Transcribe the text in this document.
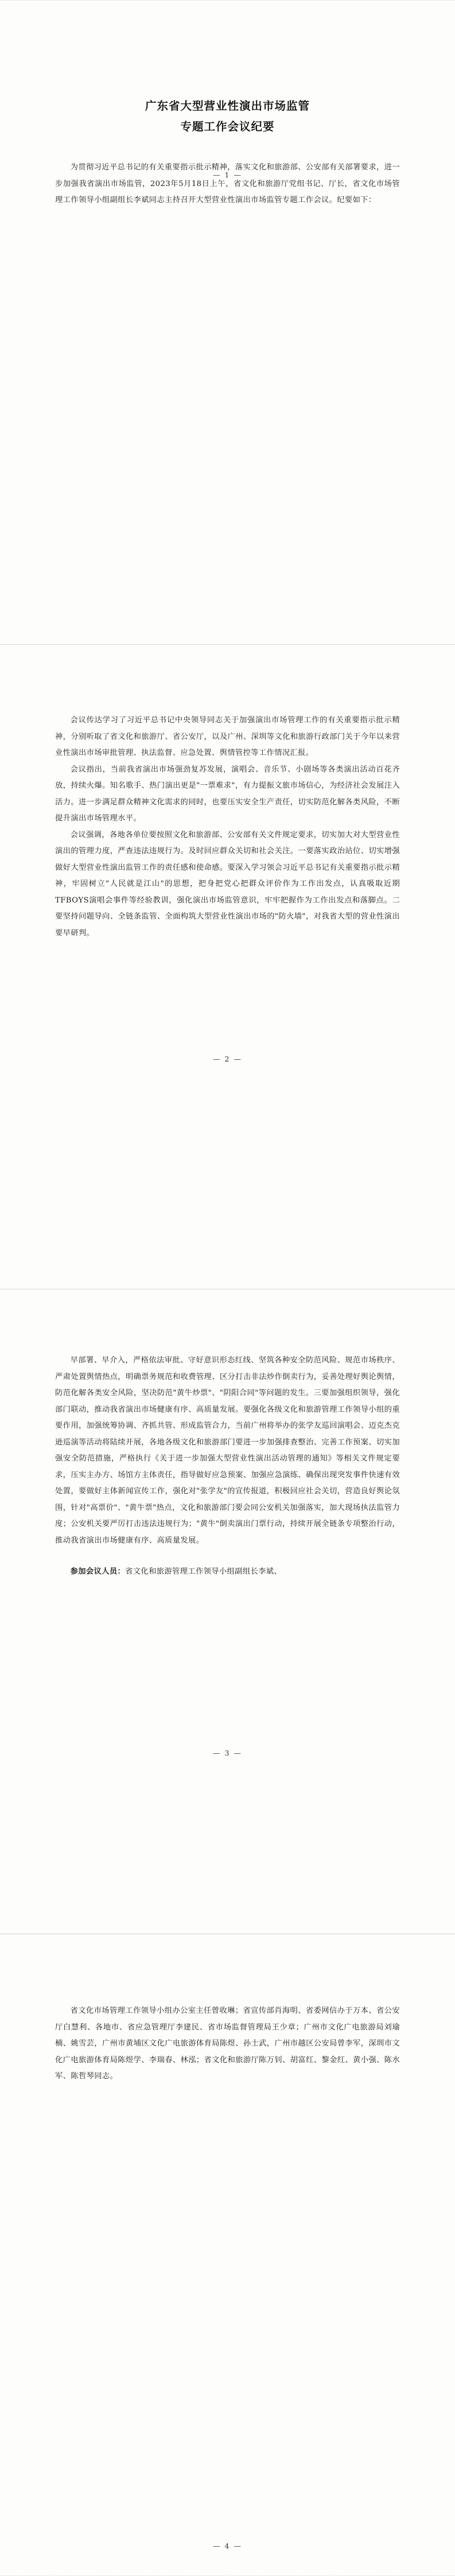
广东省大型营业性演出市场监管
专题工作会议纪要

为贯彻习近平总书记的有关重要指示批示精神，落实文化和旅游部、公安部有关部署要求，进一步加强我省演出市场监管，2023年5月18日上午，省文化和旅游厅党组书记、厅长，省文化市场管理工作领导小组副组长李斌同志主持召开大型营业性演出市场监管专题工作会议。纪要如下：

— 1 —

会议传达学习了习近平总书记中央领导同志关于加强演出市场管理工作的有关重要指示批示精神，分别听取了省文化和旅游厅、省公安厅，以及广州、深圳等文化和旅游行政部门关于今年以来营业性演出市场审批管理、执法监督、应急处置、舆情管控等工作情况汇报。

会议指出，当前我省演出市场强劲复苏发展，演唱会、音乐节、小剧场等各类演出活动百花齐放，持续火爆。知名歌手、热门演出更是"一票难求"，有力提振文旅市场信心，为经济社会发展注入活力。进一步满足群众精神文化需求的同时，也要压实安全生产责任，切实防范化解各类风险，不断提升演出市场管理水平。

会议强调，各地各单位要按照文化和旅游部、公安部有关文件规定要求，切实加大对大型营业性演出的管理力度，严查违法违规行为。及时回应群众关切和社会关注。一要落实政治站位、切实增强做好大型营业性演出监管工作的责任感和使命感。要深入学习领会习近平总书记有关重要指示批示精神，牢固树立"人民就是江山"的思想，把身把党心把群众评价作为工作出发点，认真吸取近期TFBOYS演唱会事件等经验教训，强化演出市场监管意识，牢牢把握作为工作出发点和落脚点。二要坚持问题导向、全链条监管、全面构筑大型营业性演出市场的"防火墙"，对我省大型的营业性演出要早研判。

— 2 —

早部署、早介入，严格依法审批、守好意识形态红线、坚筑各种安全防范风险、规范市场秩序、严肃处置舆情热点，明确票务规范和收费管理、区分打击非法炒作倒卖行为，妥善处理好舆论舆情，防范化解各类安全风险，坚决防范"黄牛炒票"、"阴阳合同"等问题的发生。三要加强组织领导，强化部门联动，推动我省演出市场健康有序、高质量发展。要强化各级文化和旅游管理工作领导小组的重要作用，加强统筹协调、齐抓共管、形成监管合力，当前广州将举办的张学友巡回演唱会、迈克杰克逊巡演等活动将陆续开展，各地各级文化和旅游部门要进一步加强排查整治、完善工作预案、切实加强安全防范措施，严格执行《关于进一步加强大型营业性演出活动管理的通知》等相关文件规定要求，压实主办方、场馆方主体责任，指导做好应急预案、加强应急演练、确保出现突发事件快速有效处置，要做好主体新闻宣传工作，强化对"张学友"的宣传报道，积极回应社会关切，营造良好舆论氛围，针对"高票价"、"黄牛票"热点，文化和旅游部门要会同公安机关加强落实，加大现场执法监管力度；公安机关要严厉打击违法违规行为；"黄牛"倒卖演出门票行动，持续开展全链条专项整治行动，推动我省演出市场健康有序、高质量发展。

参加会议人员：省文化和旅游管理工作领导小组副组长李斌、

— 3 —

省文化市场管理工作领导小组办公室主任曾收琳；省宣传部肖海明、省委网信办于万本、省公安厅白慧利、各地市、省应急管理厅李建民、省市场监督管理局王少章；广州市文化广电旅游局刘瑜楠、姚雪芸，广州市黄埔区文化广电旅游体育局陈煜、孙士武，广州市越区公安局曾李军，深圳市文化广电旅游体育局陈煜学、李瑞春、林泓；省文化和旅游厅陈万钊、胡富红、黎金红、黄小强、陈水军、陈哲琴同志。

— 4 —
